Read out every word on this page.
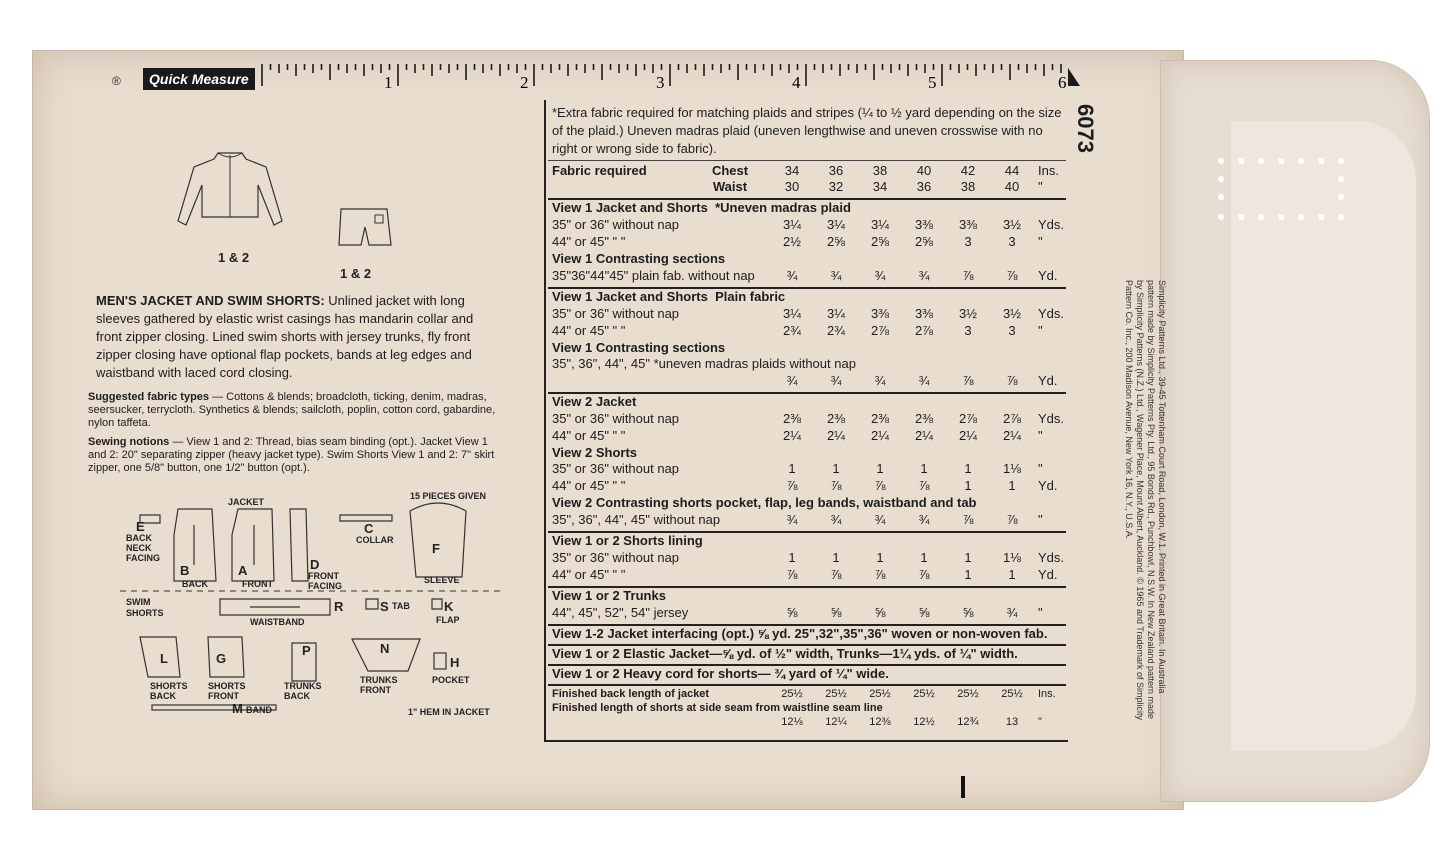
®	Quick Measure	1	2	3	4	5	6
1 & 2
1 & 2
MEN'S JACKET AND SWIM SHORTS: Unlined jacket with long sleeves gathered by elastic wrist casings has mandarin collar and front zipper closing. Lined swim shorts with jersey trunks, fly front zipper closing have optional flap pockets, bands at leg edges and waistband with laced cord closing.

Suggested fabric types — Cottons & blends; broadcloth, ticking, denim, madras, seersucker, terrycloth. Synthetics & blends; sailcloth, poplin, cotton cord, gabardine, nylon taffeta.

Sewing notions — View 1 and 2: Thread, bias seam binding (opt.). Jacket View 1 and 2: 20" separating zipper (heavy jacket type). Swim Shorts View 1 and 2: 7" skirt zipper, one 5/8" button, one 1/2" button (opt.).

JACKET
15 PIECES GIVEN
E
BACK NECK FACING
B
BACK
A
FRONT
D
FRONT FACING
C
COLLAR
F
SLEEVE
SWIM SHORTS	R
WAISTBAND
S TAB	K
FLAP
L
SHORTS BACK
G
SHORTS FRONT
P
TRUNKS BACK
N
TRUNKS FRONT
H
POCKET
M BAND	1" HEM IN JACKET
*Extra fabric required for matching plaids and stripes (¼ to ½ yard depending on the size of the plaid.) Uneven madras plaid (uneven lengthwise and uneven crosswise with no right or wrong side to fabric).
Fabric required	Chest	34	36	38	40	42	44	Ins.
Waist	30	32	34	36	38	40	"
View 1 Jacket and Shorts *Uneven madras plaid
35" or 36" without nap	3¼	3¼	3¼	3⅜	3⅜	3½	Yds.
44" or 45" " "	2½	2⅝	2⅝	2⅝	3	3	"
View 1 Contrasting sections
35"36"44"45" plain fab. without nap	¾	¾	¾	¾	⅞	⅞	Yd.
View 1 Jacket and Shorts Plain fabric
35" or 36" without nap	3¼	3¼	3⅜	3⅜	3½	3½	Yds.
44" or 45" " "	2¾	2¾	2⅞	2⅞	3	3	"
View 1 Contrasting sections
35", 36", 44", 45" *uneven madras plaids without nap
¾	¾	¾	¾	⅞	⅞	Yd.
View 2 Jacket
35" or 36" without nap	2⅜	2⅜	2⅜	2⅜	2⅞	2⅞	Yds.
44" or 45" " "	2¼	2¼	2¼	2¼	2¼	2¼	"
View 2 Shorts
35" or 36" without nap	1	1	1	1	1	1⅛	"
44" or 45" " "	⅞	⅞	⅞	⅞	1	1	Yd.
View 2 Contrasting shorts pocket, flap, leg bands, waistband and tab
35", 36", 44", 45" without nap	¾	¾	¾	¾	⅞	⅞	"
View 1 or 2 Shorts lining
35" or 36" without nap	1	1	1	1	1	1⅛	Yds.
44" or 45" " "	⅞	⅞	⅞	⅞	1	1	Yd.
View 1 or 2 Trunks
44", 45", 52", 54" jersey	⅝	⅝	⅝	⅝	⅝	¾	"
View 1-2 Jacket interfacing (opt.) ⅝ yd. 25",32",35",36" woven or non-woven fab.
View 1 or 2 Elastic Jacket—⅝ yd. of ½" width, Trunks—1¼ yds. of ¼" width.
View 1 or 2 Heavy cord for shorts— ¾ yard of ¼" wide.
Finished back length of jacket	25½	25½	25½	25½	25½	25½	Ins.
Finished length of shorts at side seam from waistline seam line
12⅛	12¼	12⅜	12½	12¾	13	"
6073
Simplicity Patterns Ltd., 39-45 Tottenham Court Road, London, W.1. Printed in Great Britain. In Australia pattern made by Simplicity Patterns Pty. Ltd., 95 Bonds Rd., Punchbowl, N.S.W. In New Zealand pattern made by Simplicity Patterns (N.Z.) Ltd., Wagener Place, Mount Albert, Auckland. © 1965 and Trademark of Simplicity Pattern Co. Inc., 200 Madison Avenue, New York 16, N.Y., U.S.A.
